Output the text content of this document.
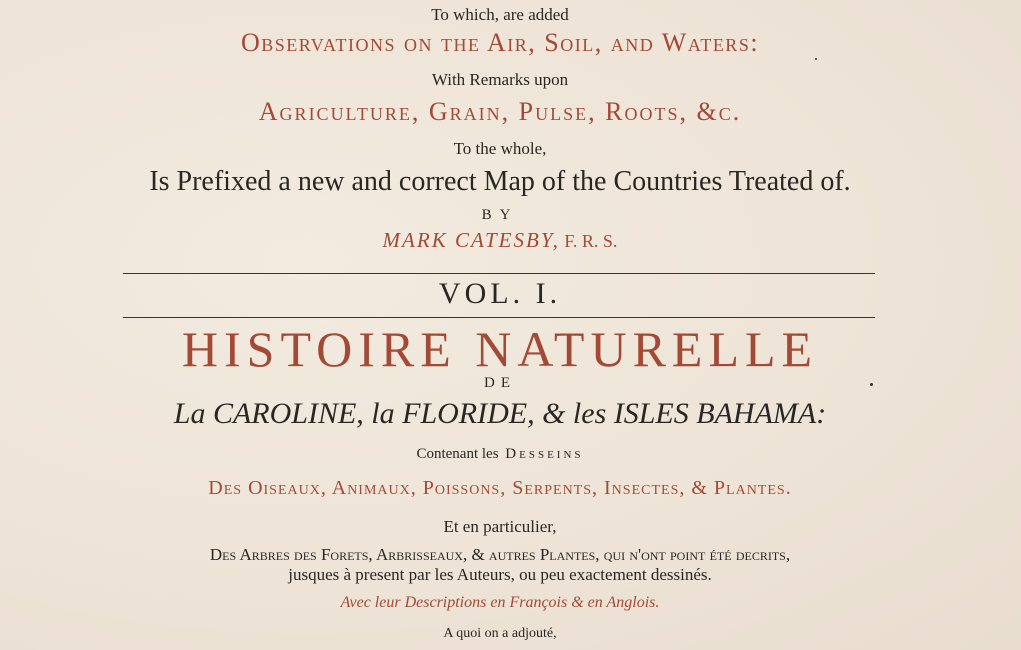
To which, are added
Observations on the Air, Soil, and Waters:
With Remarks upon
Agriculture, Grain, Pulse, Roots, &c.
To the whole,
Is Prefixed a new and correct Map of the Countries Treated of.
BY
MARK CATESBY, F. R. S.
VOL. I.
HISTOIRE NATURELLE
DE
La CAROLINE, la FLORIDE, & les ISLES BAHAMA:
Contenant les Desseins
Des Oiseaux, Animaux, Poissons, Serpents, Insectes, & Plantes.
Et en particulier,
Des Arbres des Forets, Arbrisseaux, & autres Plantes, qui n'ont point été decrits,
jusques à present par les Auteurs, ou peu exactement dessinés.
Avec leur Descriptions en François & en Anglois.
A quoi on a adjouté,
